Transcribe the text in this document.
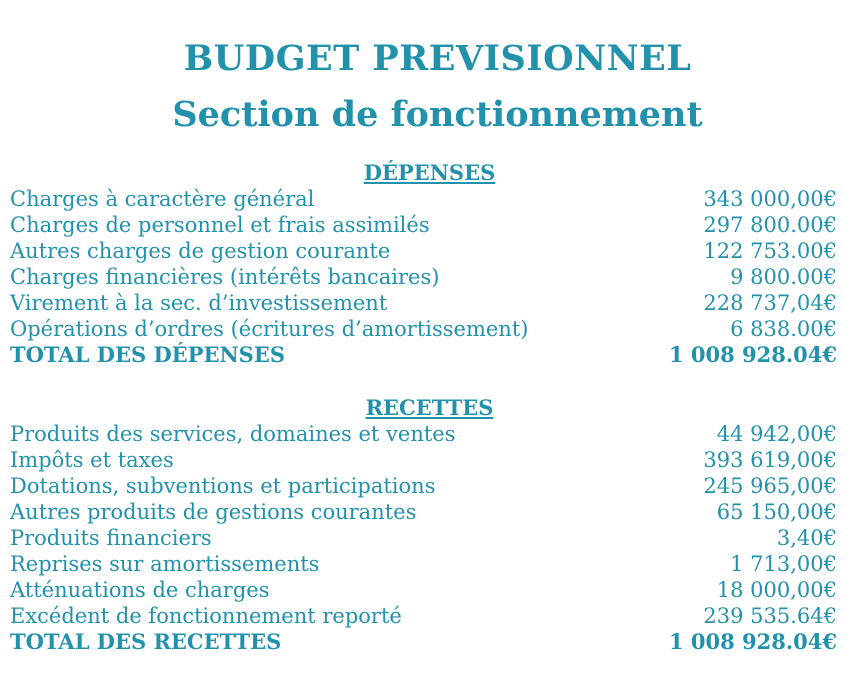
BUDGET PREVISIONNEL
Section de fonctionnement
DÉPENSES
Charges à caractère général	343 000,00€
Charges de personnel et frais assimilés	297 800.00€
Autres charges de gestion courante	122 753.00€
Charges financières (intérêts bancaires)	9 800.00€
Virement à la sec. d’investissement	228 737,04€
Opérations d’ordres (écritures d’amortissement)	6 838.00€
TOTAL DES DÉPENSES	1 008 928.04€
RECETTES
Produits des services, domaines et ventes	44 942,00€
Impôts et taxes	393 619,00€
Dotations, subventions et participations	245 965,00€
Autres produits de gestions courantes	65 150,00€
Produits financiers	3,40€
Reprises sur amortissements	1 713,00€
Atténuations de charges	18 000,00€
Excédent de fonctionnement reporté	239 535.64€
TOTAL DES RECETTES	1 008 928.04€
